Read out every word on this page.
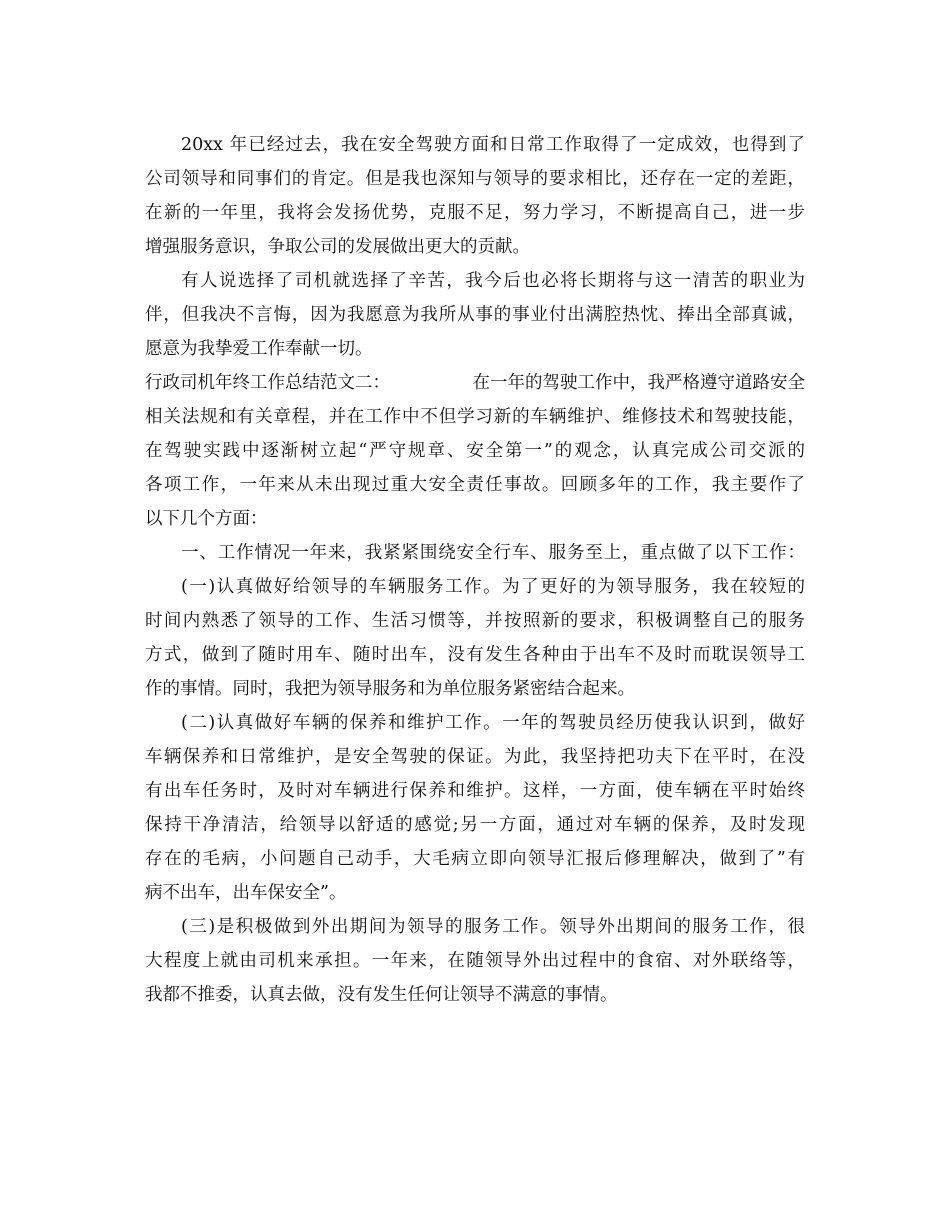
20xx 年已经过去，我在安全驾驶方面和日常工作取得了一定成效，也得到了
公司领导和同事们的肯定。但是我也深知与领导的要求相比，还存在一定的差距，
在新的一年里，我将会发扬优势，克服不足，努力学习，不断提高自己，进一步
增强服务意识，争取公司的发展做出更大的贡献。
有人说选择了司机就选择了辛苦，我今后也必将长期将与这一清苦的职业为
伴，但我决不言悔，因为我愿意为我所从事的事业付出满腔热忱、捧出全部真诚，
愿意为我挚爱工作奉献一切。
行政司机年终工作总结范文二：	在一年的驾驶工作中，我严格遵守道路安全
相关法规和有关章程，并在工作中不但学习新的车辆维护、维修技术和驾驶技能，
在驾驶实践中逐渐树立起“严守规章、安全第一”的观念，认真完成公司交派的
各项工作，一年来从未出现过重大安全责任事故。回顾多年的工作，我主要作了
以下几个方面：
一、工作情况一年来，我紧紧围绕安全行车、服务至上，重点做了以下工作：
(一)认真做好给领导的车辆服务工作。为了更好的为领导服务，我在较短的
时间内熟悉了领导的工作、生活习惯等，并按照新的要求，积极调整自己的服务
方式，做到了随时用车、随时出车，没有发生各种由于出车不及时而耽误领导工
作的事情。同时，我把为领导服务和为单位服务紧密结合起来。
(二)认真做好车辆的保养和维护工作。一年的驾驶员经历使我认识到，做好
车辆保养和日常维护，是安全驾驶的保证。为此，我坚持把功夫下在平时，在没
有出车任务时，及时对车辆进行保养和维护。这样，一方面，使车辆在平时始终
保持干净清洁，给领导以舒适的感觉;另一方面，通过对车辆的保养，及时发现
存在的毛病，小问题自己动手，大毛病立即向领导汇报后修理解决，做到了”有
病不出车，出车保安全”。
(三)是积极做到外出期间为领导的服务工作。领导外出期间的服务工作，很
大程度上就由司机来承担。一年来，在随领导外出过程中的食宿、对外联络等，
我都不推委，认真去做，没有发生任何让领导不满意的事情。
